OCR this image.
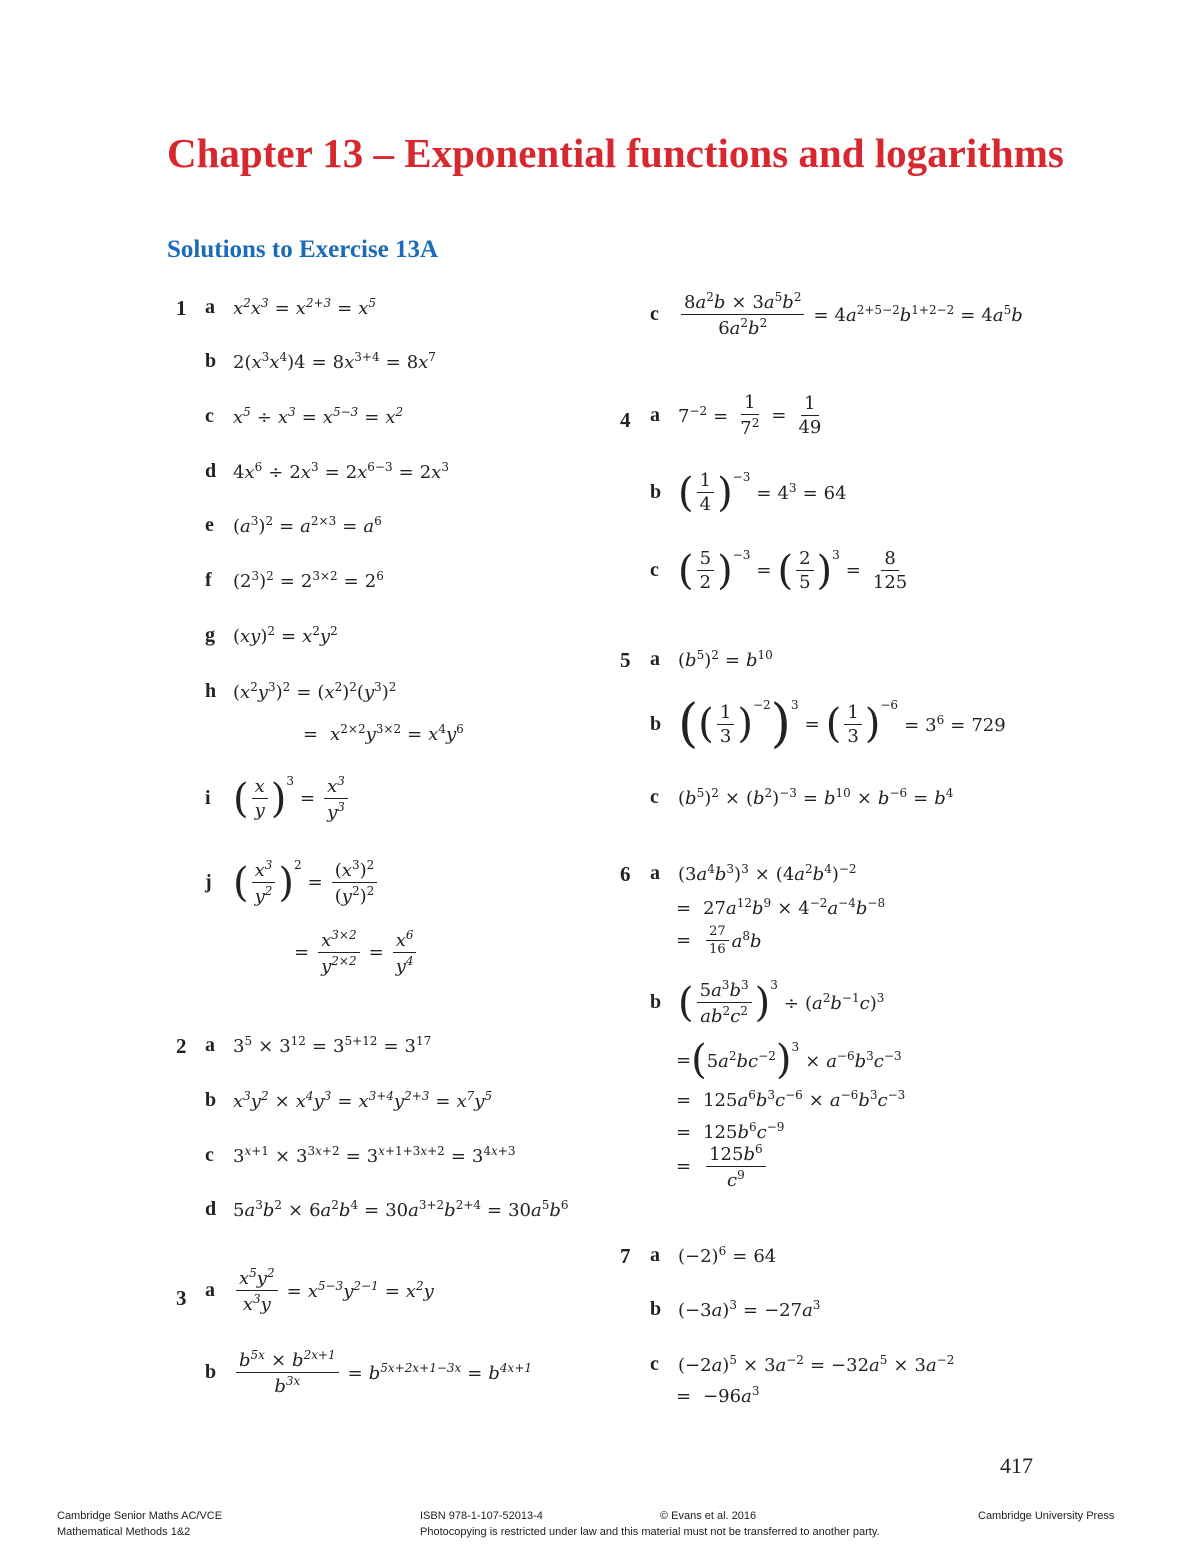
Chapter 13 – Exponential functions and logarithms
Solutions to Exercise 13A
1 a	$x^2x^3 = x^{2+3} = x^5$
b $2(x^3x^4)4 = 8x^{3+4} = 8x^7$
c	$x^5 \div x^3 = x^{5-3} = x^2$
d $4x^6 \div 2x^3 = 2x^{6-3} = 2x^3$
e	$(a^3)^2 = a^{2\times 3} = a^6$
f	$(2^3)^2 = 2^{3\times 2} = 2^6$
g	$(xy)^2 = x^2y^2$
h $(x^2y^3)^2 = (x^2)^2(y^3)^2$
= $x^{2\times 2}y^{3\times 2} = x^4y^6$
i ( $\frac{x}{y} )^3$
= $\frac{x^3}{y^3}$
j ( $\frac{x^3}{y^2} )^2$
= $\frac{(x^3)^2}{(y^2)^2}$
= $\frac{x^{3\times 2}}{y^{2\times 2}} = \frac{x^6}{y^4}$
2 a	$3^5 \times 3^{12} = 3^{5+12} = 3^{17}$
b $x^3y^2 \times x^4y^3 = x^{3+4}y^{2+3} = x^7y^5$
c	$3^{x+1} \times 3^{3x+2} = 3^{x+1+3x+2} = 3^{4x+3}$
d $5a^3b^2 \times 6a^2b^4 = 30a^{3+2}b^{2+4} = 30a^5b^6$
3 a	$\frac{x^5y^2}{x^3y} = x^{5-3}y^{2-1} = x^2y$
b	$\frac{b^{5x} \times b^{2x+1}}{b^{3x}} = b^{5x+2x+1-3x} = b^{4x+1}$
c	$\frac{8a^2b \times 3a^5b^2}{6a^2b^2} = 4a^{2+5-2}b^{1+2-2} = 4a^5b$
4 a	$7^{-2} = \frac{1}{7^2} = \frac{1}{49}$
b ( $\frac{1}{4} )^{-3}$
= $4^3 = 64$
c ( $\frac{5}{2} )^{-3}$
= ( $\frac{2}{5} )^3$
= $\frac{8}{125}$
5 a	$(b^5)^2 = b^{10}$
b ( ( $\frac{1}{3} )^{-2}$ )$^3$
= ( $\frac{1}{3} )^{-6}$
= $3^6 = 729$
c	$(b^5)^2 \times (b^2)^{-3} = b^{10} \times b^{-6} = b^4$
6 a	$(3a^4b^3)^3 \times (4a^2b^4)^{-2}$
= $27a^{12}b^9 \times 4^{-2}a^{-4}b^{-8}$
=	$\frac{27}{16} a^8b$
b ( $\frac{5a^3b^3}{ab^2c^2} )^3$
÷ $(a^2b^{-1}c)^3$
= ( $5a^2bc^{-2}$ )$^3$
× $a^{-6}b^3c^{-3}$
= $125a^6b^3c^{-6} \times a^{-6}b^3c^{-3}$
= $125b^6c^{-9}$
= $\frac{125b^6}{c^9}$
7 a	$(-2)^6 = 64$
b $(-3a)^3 = -27a^3$
c	$(-2a)^5 \times 3a^{-2} = -32a^5 \times 3a^{-2}$
= $-96a^3$
417
Cambridge Senior Maths AC/VCE
Mathematical Methods 1&2
ISBN 978-1-107-52013-4
Photocopying is restricted under law and this material must not be transferred to another party.
© Evans et al. 2016	Cambridge University Press
